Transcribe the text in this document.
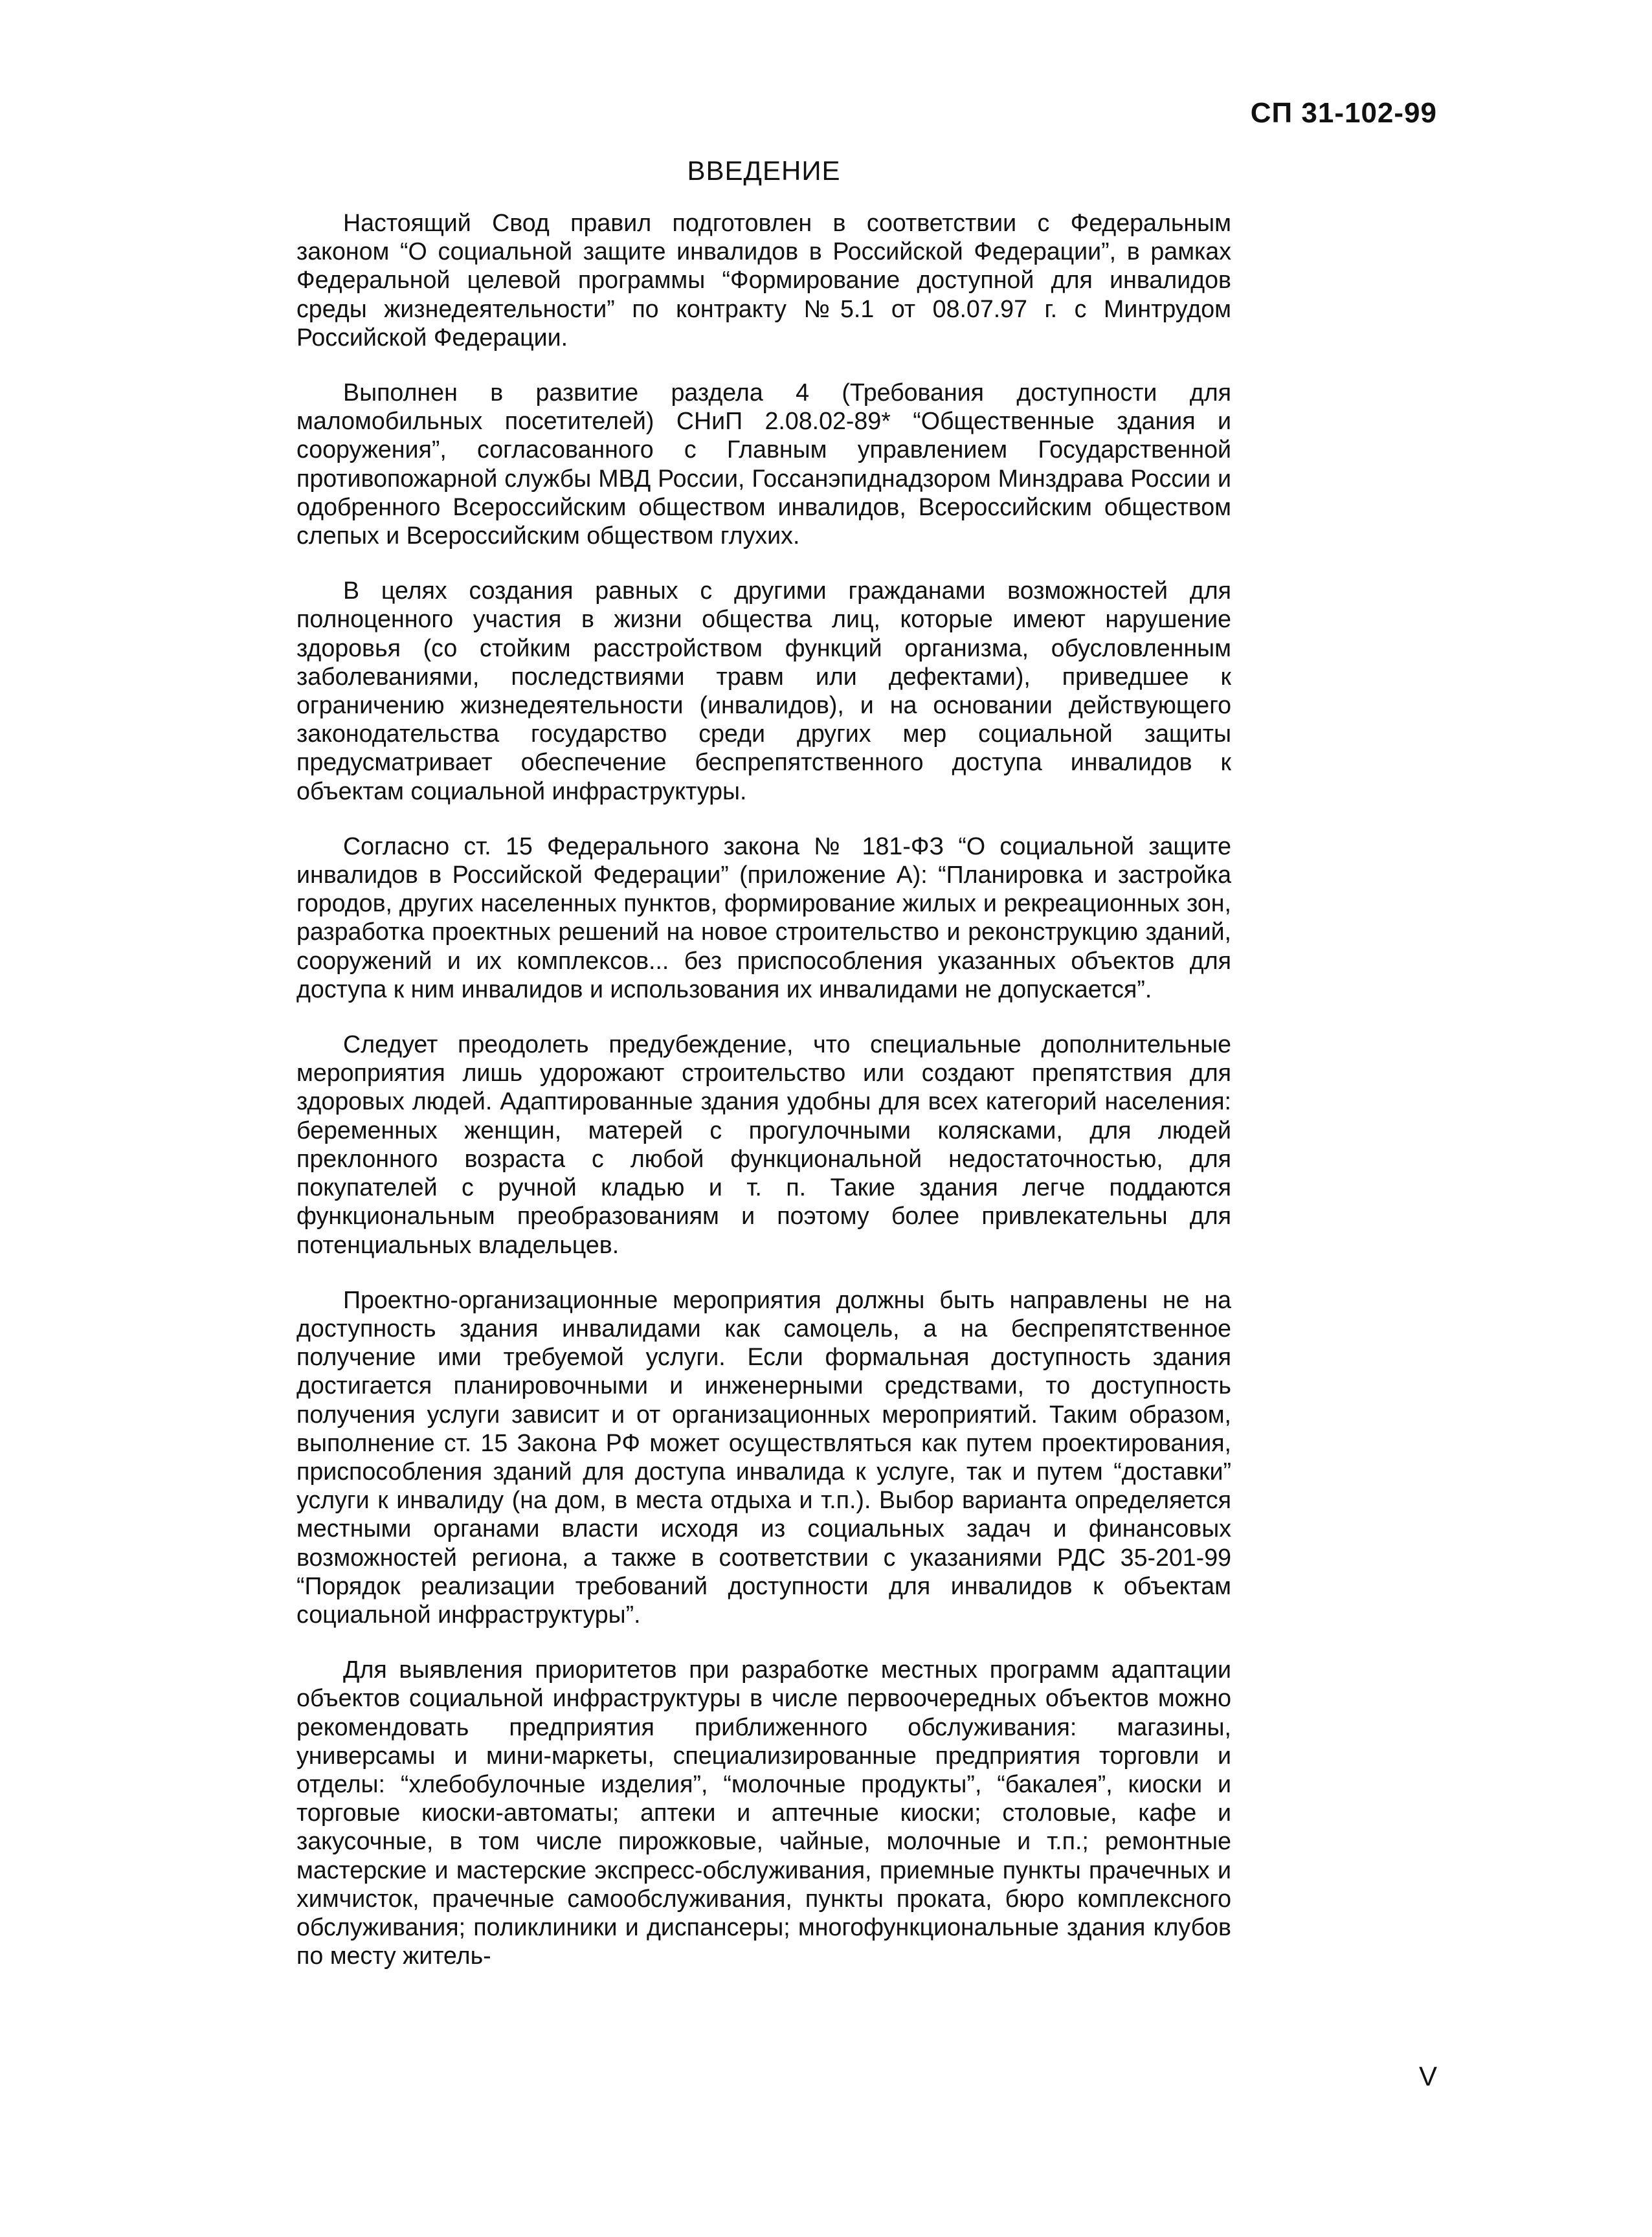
СП 31-102-99
ВВЕДЕНИЕ

Настоящий Свод правил подготовлен в соответствии с Федеральным законом “О социальной защите инвалидов в Российской Федерации”, в рамках Федеральной целевой программы “Формирование доступной для инвалидов среды жизнедеятельности” по контракту №5.1 от 08.07.97 г. с Минтрудом Российской Федерации.

Выполнен в развитие раздела 4 (Требования доступности для маломобильных посетителей) СНиП 2.08.02-89* “Общественные здания и сооружения”, согласованного с Главным управлением Государственной противопожарной службы МВД России, Госсанэпиднадзором Минздрава России и одобренного Всероссийским обществом инвалидов, Всероссийским обществом слепых и Всероссийским обществом глухих.

В целях создания равных с другими гражданами возможностей для полноценного участия в жизни общества лиц, которые имеют нарушение здоровья (со стойким расстройством функций организма, обусловленным заболеваниями, последствиями травм или дефектами), приведшее к ограничению жизнедеятельности (инвалидов), и на основании действующего законодательства государство среди других мер социальной защиты предусматривает обеспечение беспрепятственного доступа инвалидов к объектам социальной инфраструктуры.

Согласно ст. 15 Федерального закона № 181-ФЗ “О социальной защите инвалидов в Российской Федерации” (приложение А): “Планировка и застройка городов, других населенных пунктов, формирование жилых и рекреационных зон, разработка проектных решений на новое строительство и реконструкцию зданий, сооружений и их комплексов... без приспособления указанных объектов для доступа к ним инвалидов и использования их инвалидами не допускается”.

Следует преодолеть предубеждение, что специальные дополнительные мероприятия лишь удорожают строительство или создают препятствия для здоровых людей. Адаптированные здания удобны для всех категорий населения: беременных женщин, матерей с прогулочными колясками, для людей преклонного возраста с любой функциональной недостаточностью, для покупателей с ручной кладью и т. п. Такие здания легче поддаются функциональным преобразованиям и поэтому более привлекательны для потенциальных владельцев.

Проектно-организационные мероприятия должны быть направлены не на доступность здания инвалидами как самоцель, а на беспрепятственное получение ими требуемой услуги. Если формальная доступность здания достигается планировочными и инженерными средствами, то доступность получения услуги зависит и от организационных мероприятий. Таким образом, выполнение ст. 15 Закона РФ может осуществляться как путем проектирования, приспособления зданий для доступа инвалида к услуге, так и путем “доставки” услуги к инвалиду (на дом, в места отдыха и т.п.). Выбор варианта определяется местными органами власти исходя из социальных задач и финансовых возможностей региона, а также в соответствии с указаниями РДС 35-201-99 “Порядок реализации требований доступности для инвалидов к объектам социальной инфраструктуры”.

Для выявления приоритетов при разработке местных программ адаптации объектов социальной инфраструктуры в числе первоочередных объектов можно рекомендовать предприятия приближенного обслуживания: магазины, универсамы и мини-маркеты, специализированные предприятия торговли и отделы: “хлебобулочные изделия”, “молочные продукты”, “бакалея”, киоски и торговые киоски-автоматы; аптеки и аптечные киоски; столовые, кафе и закусочные, в том числе пирожковые, чайные, молочные и т.п.; ремонтные мастерские и мастерские экспресс-обслуживания, приемные пункты прачечных и химчисток, прачечные самообслуживания, пункты проката, бюро комплексного обслуживания; поликлиники и диспансеры; многофункциональные здания клубов по месту житель-

V
